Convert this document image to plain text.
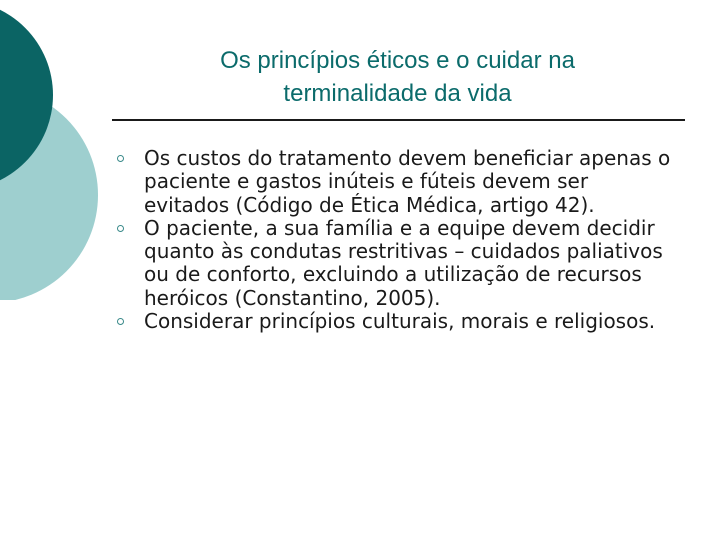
Os princípios éticos e o cuidar na
terminalidade da vida
Os custos do tratamento devem beneficiar apenas o paciente e gastos inúteis e fúteis devem ser evitados (Código de Ética Médica, artigo 42).
O paciente, a sua família e a equipe devem decidir quanto às condutas restritivas – cuidados paliativos ou de conforto, excluindo a utilização de recursos heróicos (Constantino, 2005).
Considerar princípios culturais, morais e religiosos.
